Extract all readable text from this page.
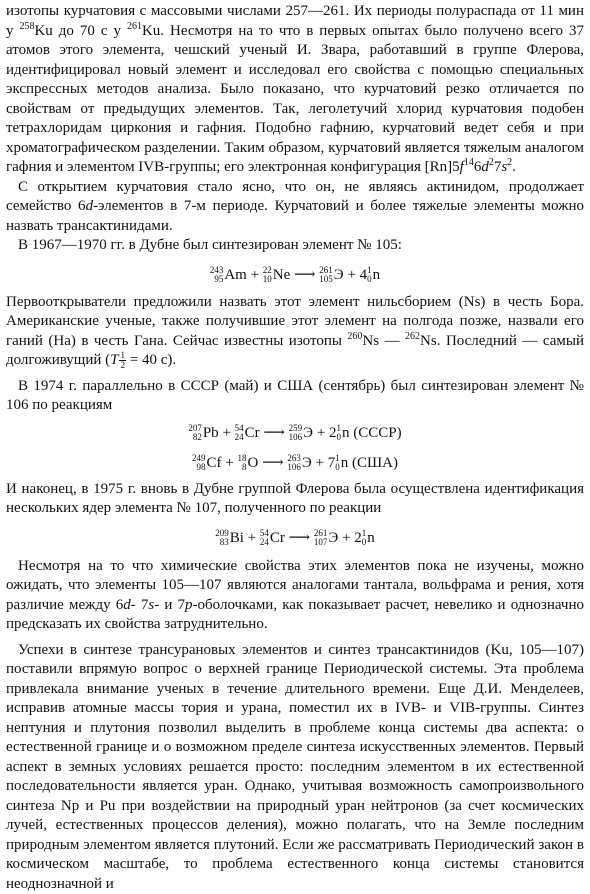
изотопы курчатовия с массовыми числами 257—261. Их периоды полураспада от 11 мин у $^{258}$Ku до 70 с у $^{261}$Ku. Несмотря на то что в первых опытах было получено всего 37 атомов этого элемента, чешский ученый И. Звара, работавший в группе Флерова, идентифицировал новый элемент и исследовал его свойства с помощью специальных экспрессных методов анализа. Было показано, что курчатовий резко отличается по свойствам от предыдущих элементов. Так, леголетучий хлорид курчатовия подобен тетрахлоридам циркония и гафния. Подобно гафнию, курчатовий ведет себя и при хроматографическом разделении. Таким образом, курчатовий является тяжелым аналогом гафния и элементом IVВ-группы; его электронная конфигурация $[Rn]5f^{14}6d^27s^2$.

С открытием курчатовия стало ясно, что он, не являясь актинидом, продолжает семейство 6d-элементов в 7-м периоде. Курчатовий и более тяжелые элементы можно назвать трансактинидами.

В 1967—1970 гг. в Дубне был синтезирован элемент № 105:

243
95 Am + 22
10 Ne ⟶ 261
105 Э + 4 1
0 n

Первооткрыватели предложили назвать этот элемент нильсборием (Ns) в честь Бора. Американские ученые, также получившие этот элемент на полгода позже, назвали его ганий (Ha) в честь Гана. Сейчас известны изотопы $^{260}$Ns — $^{262}$Ns. Последний — самый долгоживущий ($T \frac{1}{2} = 40$ с).

В 1974 г. параллельно в СССР (май) и США (сентябрь) был синтезирован элемент № 106 по реакциям

207
82 Pb + 54
24 Cr ⟶ 259
106 Э + 2 1
0 n (СССР)
249
98 Cf + 18
8 O ⟶ 263
106 Э + 7 1
0 n (США)

И наконец, в 1975 г. вновь в Дубне группой Флерова была осуществлена идентификация нескольких ядер элемента № 107, полученного по реакции

209
83 Bi + 54
24 Cr ⟶ 261
107 Э + 2 1
0 n

Несмотря на то что химические свойства этих элементов пока не изучены, можно ожидать, что элементы 105—107 являются аналогами тантала, вольфрама и рения, хотя различие между 6d- 7s- и 7p-оболочками, как показывает расчет, невелико и однозначно предсказать их свойства затруднительно.

Успехи в синтезе трансурановых элементов и синтез трансактинидов (Ku, 105—107) поставили впрямую вопрос о верхней границе Периодической системы. Эта проблема привлекала внимание ученых в течение длительного времени. Еще Д.И. Менделеев, исправив атомные массы тория и урана, поместил их в IVB- и VIB-группы. Синтез нептуния и плутония позволил выделить в проблеме конца системы два аспекта: о естественной границе и о возможном пределе синтеза искусственных элементов. Первый аспект в земных условиях решается просто: последним элементом в их естественной последовательности является уран. Однако, учитывая возможность самопроизвольного синтеза Np и Pu при воздействии на природный уран нейтронов (за счет космических лучей, естественных процессов деления), можно полагать, что на Земле последним природным элементом является плутоний. Если же рассматривать Периодический закон в космическом масштабе, то проблема естественного конца системы становится неоднозначной и
